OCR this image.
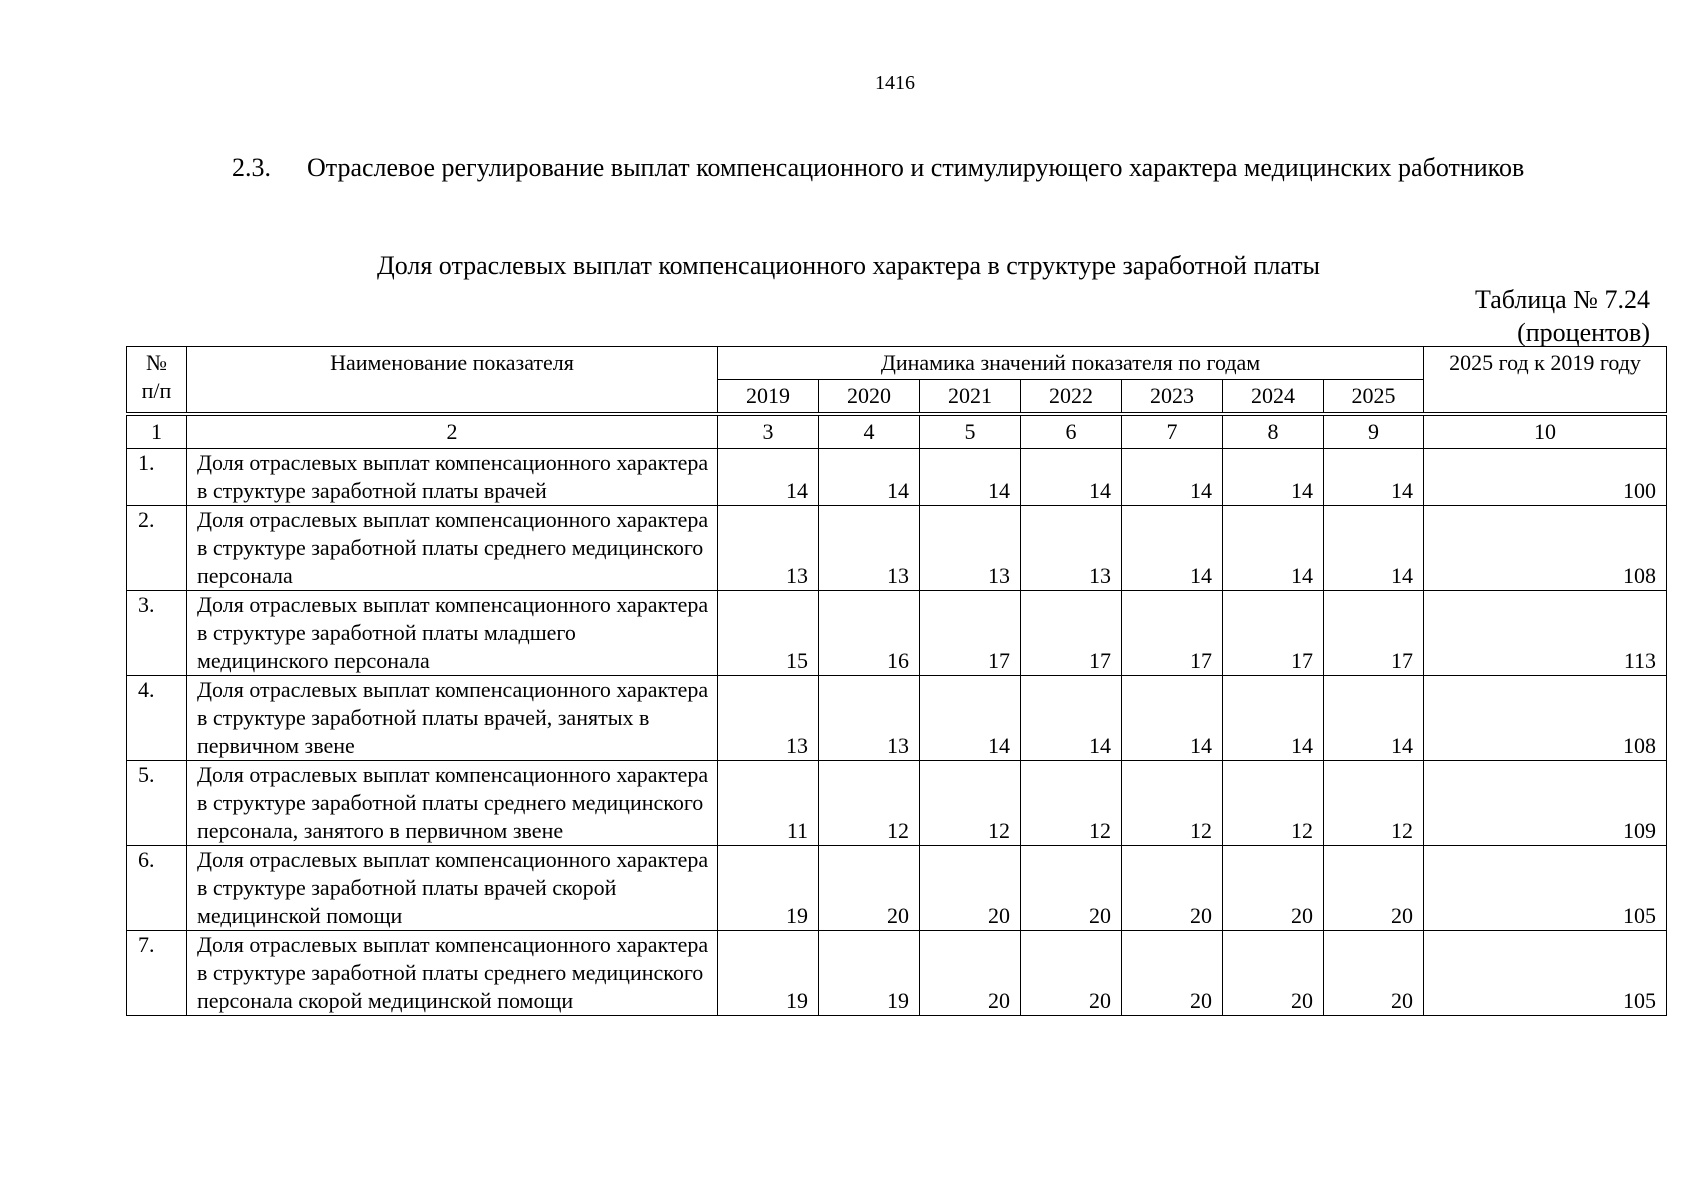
1416
2.3. Отраслевое регулирование выплат компенсационного и стимулирующего характера медицинских работников
Доля отраслевых выплат компенсационного характера в структуре заработной платы
Таблица № 7.24
(процентов)
№
п/п	Наименование показателя	Динамика значений показателя по годам							2025 год к 2019 году
		2019	2020	2021	2022	2023	2024	2025	
1	2	3	4	5	6	7	8	9	10
1.	Доля отраслевых выплат компенсационного характера в структуре заработной платы врачей	14	14	14	14	14	14	14	100
2.	Доля отраслевых выплат компенсационного характера в структуре заработной платы среднего медицинского персонала	13	13	13	13	14	14	14	108
3.	Доля отраслевых выплат компенсационного характера в структуре заработной платы младшего медицинского персонала	15	16	17	17	17	17	17	113
4.	Доля отраслевых выплат компенсационного характера в структуре заработной платы врачей, занятых в первичном звене	13	13	14	14	14	14	14	108
5.	Доля отраслевых выплат компенсационного характера в структуре заработной платы среднего медицинского персонала, занятого в первичном звене	11	12	12	12	12	12	12	109
6.	Доля отраслевых выплат компенсационного характера в структуре заработной платы врачей скорой медицинской помощи	19	20	20	20	20	20	20	105
7.	Доля отраслевых выплат компенсационного характера в структуре заработной платы среднего медицинского персонала скорой медицинской помощи	19	19	20	20	20	20	20	105
